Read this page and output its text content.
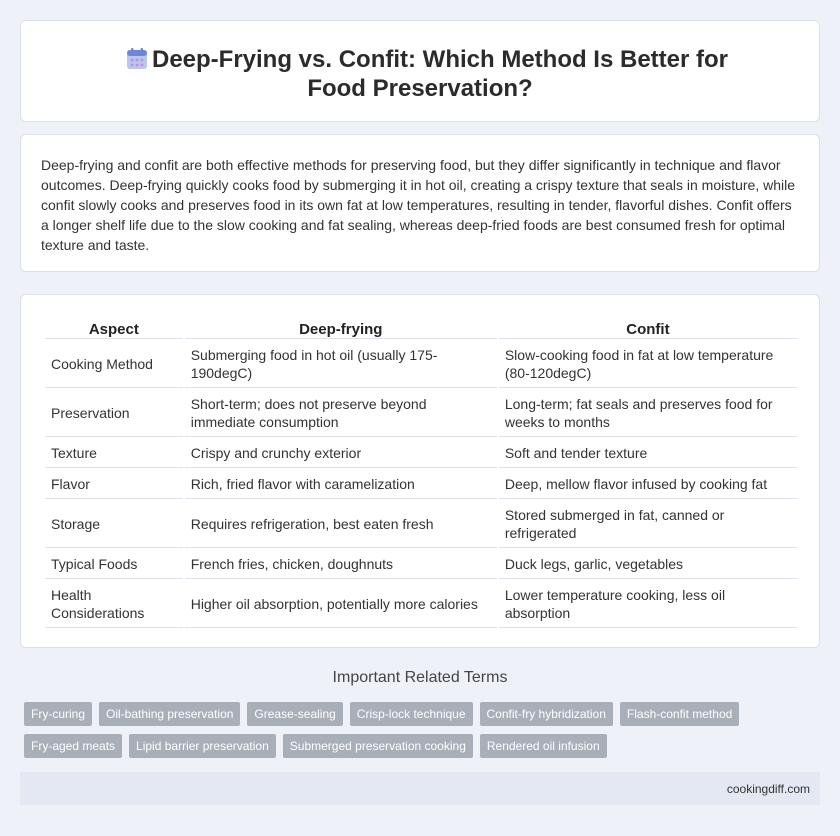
Deep-Frying vs. Confit: Which Method Is Better for Food Preservation?

Deep-frying and confit are both effective methods for preserving food, but they differ significantly in technique and flavor outcomes. Deep-frying quickly cooks food by submerging it in hot oil, creating a crispy texture that seals in moisture, while confit slowly cooks and preserves food in its own fat at low temperatures, resulting in tender, flavorful dishes. Confit offers a longer shelf life due to the slow cooking and fat sealing, whereas deep-fried foods are best consumed fresh for optimal texture and taste.

Aspect	Deep-frying	Confit
Cooking Method	Submerging food in hot oil (usually 175-190degC)	Slow-cooking food in fat at low temperature (80-120degC)
Preservation	Short-term; does not preserve beyond immediate consumption	Long-term; fat seals and preserves food for weeks to months
Texture	Crispy and crunchy exterior	Soft and tender texture
Flavor	Rich, fried flavor with caramelization	Deep, mellow flavor infused by cooking fat
Storage	Requires refrigeration, best eaten fresh	Stored submerged in fat, canned or refrigerated
Typical Foods	French fries, chicken, doughnuts	Duck legs, garlic, vegetables
Health Considerations	Higher oil absorption, potentially more calories	Lower temperature cooking, less oil absorption
Important Related Terms
Fry-curing	Oil-bathing preservation	Grease-sealing	Crisp-lock technique	Confit-fry hybridization	Flash-confit method
Fry-aged meats	Lipid barrier preservation	Submerged preservation cooking	Rendered oil infusion
cookingdiff.com
